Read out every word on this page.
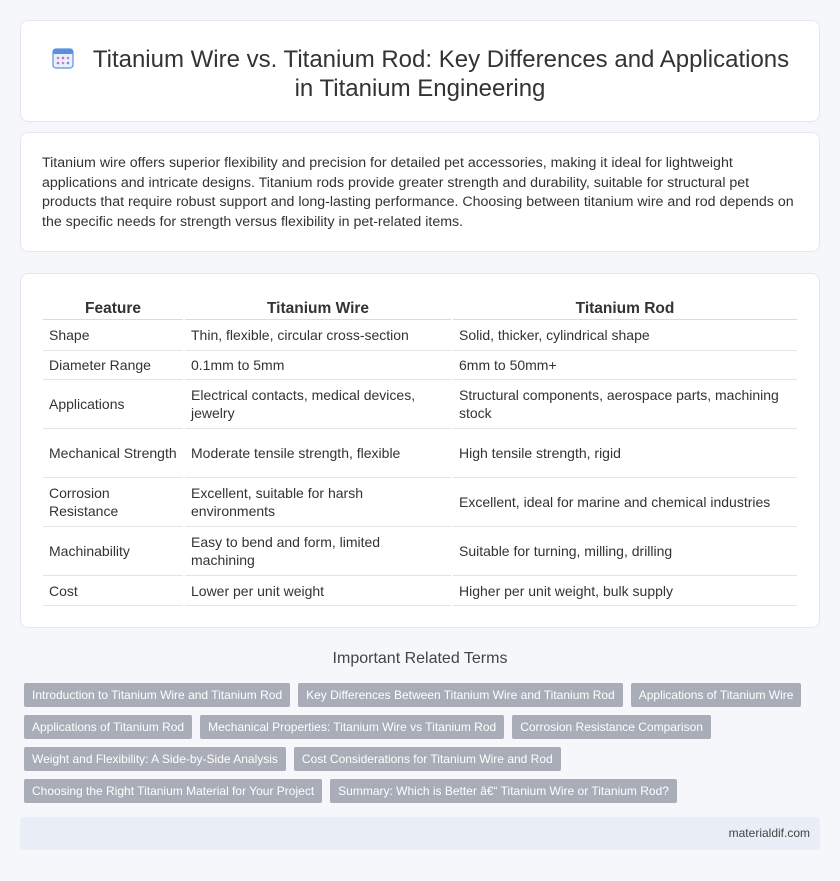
Titanium Wire vs. Titanium Rod: Key Differences and Applications
in Titanium Engineering

Titanium wire offers superior flexibility and precision for detailed pet accessories, making it ideal for lightweight applications and intricate designs. Titanium rods provide greater strength and durability, suitable for structural pet products that require robust support and long-lasting performance. Choosing between titanium wire and rod depends on the specific needs for strength versus flexibility in pet-related items.

Feature	Titanium Wire	Titanium Rod
Shape	Thin, flexible, circular cross-section	Solid, thicker, cylindrical shape
Diameter Range	0.1mm to 5mm	6mm to 50mm+
Applications	Electrical contacts, medical devices, jewelry	Structural components, aerospace parts, machining stock
Mechanical Strength	Moderate tensile strength, flexible	High tensile strength, rigid
Corrosion Resistance	Excellent, suitable for harsh environments	Excellent, ideal for marine and chemical industries
Machinability	Easy to bend and form, limited machining	Suitable for turning, milling, drilling
Cost	Lower per unit weight	Higher per unit weight, bulk supply
Important Related Terms
Introduction to Titanium Wire and Titanium Rod	Key Differences Between Titanium Wire and Titanium Rod	Applications of Titanium Wire
Applications of Titanium Rod	Mechanical Properties: Titanium Wire vs Titanium Rod	Corrosion Resistance Comparison
Weight and Flexibility: A Side-by-Side Analysis	Cost Considerations for Titanium Wire and Rod
Choosing the Right Titanium Material for Your Project	Summary: Which is Better â€“ Titanium Wire or Titanium Rod?
materialdif.com
